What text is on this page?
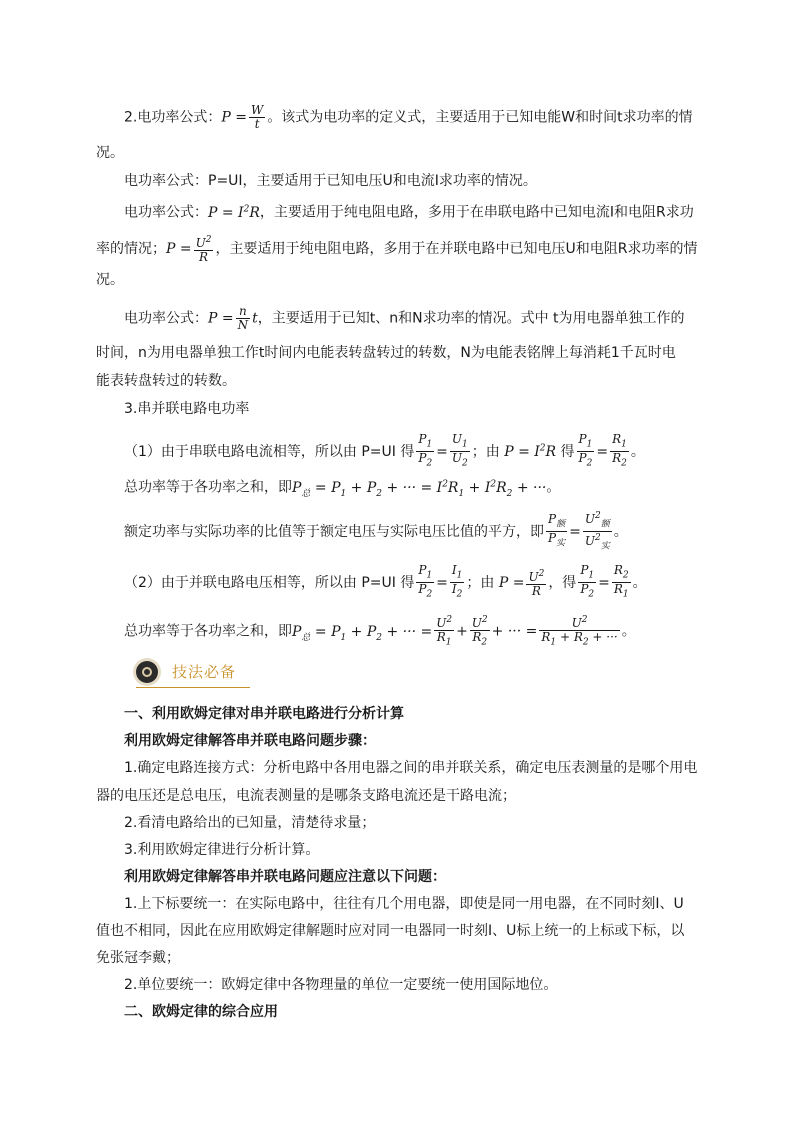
2.电功率公式：$P = \frac{W}{t}$ 。该式为电功率的定义式，主要适用于已知电能W和时间t求功率的情
况。
电功率公式：P=UI，主要适用于已知电压U和电流I求功率的情况。
电功率公式：$P = I^2R$，主要适用于纯电阻电路，多用于在串联电路中已知电流I和电阻R求功
率的情况；$P = \frac{U^2}{R}$ ，主要适用于纯电阻电路，多用于在并联电路中已知电压U和电阻R求功率的情
况。
电功率公式：$P = \frac{n}{N}$ t，主要适用于已知t、n和N求功率的情况。式中 t为用电器单独工作的
时间，n为用电器单独工作t时间内电能表转盘转过的转数，N为电能表铭牌上每消耗1千瓦时电
能表转盘转过的转数。
3.串并联电路电功率
（1）由于串联电路电流相等，所以由 P=UI 得 $\frac{P_1}{P_2} = \frac{U_1}{U_2}$ ；由 $P = I^2R$ 得 $\frac{P_1}{P_2} = \frac{R_1}{R_2}$ 。
总功率等于各功率之和，即$P_总 = P_1 + P_2$ + ··· = $I^2R_1 + I^2R_2$ + ···。
额定功率与实际功率的比值等于额定电压与实际电压比值的平方，即
$P_额$
$P_实$
=
$U^2_额$
$U^2_实$
。
（2）由于并联电路电压相等，所以由 P=UI 得 $\frac{P_1}{P_2} = \frac{I_1}{I_2}$ ；由 $P = \frac{U^2}{R}$ ，得 $\frac{P_1}{P_2} = \frac{R_2}{R_1}$ 。
总功率等于各功率之和，即$P_总 = P_1 + P_2$ + ··· = $\frac{U^2}{R_1} + \frac{U^2}{R_2}$ + ··· = $\frac{U^2}{R_1 + R_2 + \cdot\cdot\cdot}$ 。
技法必备
一、利用欧姆定律对串并联电路进行分析计算
利用欧姆定律解答串并联电路问题步骤：
1.确定电路连接方式：分析电路中各用电器之间的串并联关系，确定电压表测量的是哪个用电
器的电压还是总电压，电流表测量的是哪条支路电流还是干路电流；
2.看清电路给出的已知量，清楚待求量；
3.利用欧姆定律进行分析计算。
利用欧姆定律解答串并联电路问题应注意以下问题：
1.上下标要统一：在实际电路中，往往有几个用电器，即使是同一用电器，在不同时刻I、U
值也不相同，因此在应用欧姆定律解题时应对同一电器同一时刻I、U标上统一的上标或下标，以
免张冠李戴；
2.单位要统一：欧姆定律中各物理量的单位一定要统一使用国际地位。
二、欧姆定律的综合应用
